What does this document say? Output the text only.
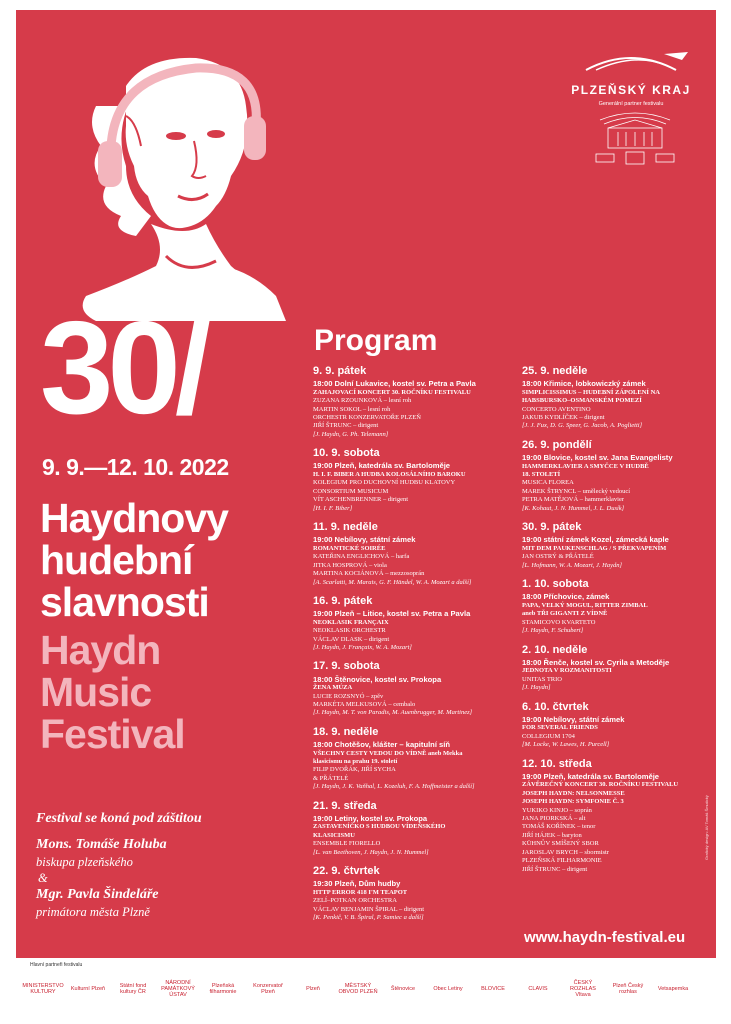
30/
9. 9.—12. 10. 2022
Haydnovy
hudební
slavnosti
Haydn
Music
Festival
Festival se koná pod záštitou
Mons. Tomáše Holuba
biskupa plzeňského
&
Mgr. Pavla Šindeláře
primátora města Plzně
Program
9. 9. pátek
18:00 Dolní Lukavice, kostel sv. Petra a Pavla
ZAHAJOVACÍ KONCERT 30. ROČNÍKU FESTIVALU
ZUZANA RZOUNKOVÁ – lesní roh
MARTIN SOKOL – lesní roh
ORCHESTR KONZERVATOŘE PLZEŇ
JIŘÍ ŠTRUNC – dirigent
[J. Haydn, G. Ph. Telemann]
10. 9. sobota
19:00 Plzeň, katedrála sv. Bartoloměje
H. I. F. BIBER A HUDBA KOLOSÁLNÍHO BAROKU
KOLEGIUM PRO DUCHOVNÍ HUDBU KLATOVY
CONSORTIUM MUSICUM
VÍT ASCHENBRENNER – dirigent
[H. I. F. Biber]
11. 9. neděle
19:00 Nebílovy, státní zámek
ROMANTICKÉ SOIRÉE
KATEŘINA ENGLICHOVÁ – harfa
JITKA HOSPROVÁ – viola
MARTINA KOCIÁNOVÁ – mezzosoprán
[A. Scarlatti, M. Marais, G. F. Händel, W. A. Mozart a další]
16. 9. pátek
19:00 Plzeň – Litice, kostel sv. Petra a Pavla
NEOKLASIK FRANÇAIX
NEOKLASIK ORCHESTR
VÁCLAV DLASK – dirigent
[J. Haydn, J. Françaix, W. A. Mozart]
17. 9. sobota
18:00 Štěnovice, kostel sv. Prokopa
ŽENA MÚZA
LUCIE ROZSNYÓ – zpěv
MARKÉTA MELKUSOVÁ – cembalo
[J. Haydn, M. T. von Paradis, M. Auenbrugger, M. Martinez]
18. 9. neděle
18:00 Chotěšov, klášter – kapitulní síň
VŠECHNY CESTY VEDOU DO VÍDNĚ aneb Mekka
klasicismu na prahu 19. století
FILIP DVOŘÁK, JIŘÍ SYCHA
& PŘÁTELÉ
[J. Haydn, J. K. Vaňhal, L. Kozeluh, F. A. Hoffmeister a další]
21. 9. středa
19:00 Letiny, kostel sv. Prokopa
ZASTAVENÍČKO S HUDBOU VÍDEŇSKÉHO
KLASICISMU
ENSEMBLE FIORELLO
[L. van Beethoven, J. Haydn, J. N. Hummel]
22. 9. čtvrtek
19:30 Plzeň, Dům hudby
HTTP ERROR 418 I'M TEAPOT
ZELÍ–POTKAN ORCHESTRA
VÁCLAV BENJAMIN ŠPIRAL – dirigent
[K. Penkič, V. B. Špiral, P. Samiec a další]
25. 9. neděle
18:00 Křimice, lobkowiczký zámek
SIMPLICISSIMUS – HUDEBNÍ ZÁPOLENÍ NA
HABSBURSKO–OSMANSKÉM POMEZÍ
CONCERTO AVENTINO
JAKUB KYDLÍČEK – dirigent
[J. J. Fux, D. G. Speer, G. Jacob, A. Poglietti]
26. 9. pondělí
19:00 Blovice, kostel sv. Jana Evangelisty
HAMMERKLAVIER A SMYČCE V HUDBĚ
18. STOLETÍ
MUSICA FLOREA
MAREK ŠTRYNCL – umělecký vedoucí
PETRA MATĚJOVÁ – hammerklavier
[K. Kohaut, J. N. Hummel, J. L. Dusík]
30. 9. pátek
19:00 státní zámek Kozel, zámecká kaple
MIT DEM PAUKENSCHLAG / S PŘEKVAPENÍM
JAN OSTRÝ & PŘÁTELÉ
[L. Hofmann, W. A. Mozart, J. Haydn]
1. 10. sobota
18:00 Příchovice, zámek
PAPA, VELKÝ MOGUL, RITTER ZIMBAL
aneb TŘI GIGANTI Z VÍDNĚ
STAMICOVO KVARTETO
[J. Haydn, F. Schubert]
2. 10. neděle
18:00 Řenče, kostel sv. Cyrila a Metoděje
JEDNOTA V ROZMANITOSTI
UNITAS TRIO
[J. Haydn]
6. 10. čtvrtek
19:00 Nebílovy, státní zámek
FOR SEVERAL FRIENDS
COLLEGIUM 1704
[M. Locke, W. Lawes, H. Purcell]
12. 10. středa
19:00 Plzeň, katedrála sv. Bartoloměje
ZÁVĚREČNÝ KONCERT 30. ROČNÍKU FESTIVALU
JOSEPH HAYDN: NELSONMESSE
JOSEPH HAYDN: SYMFONIE Č. 3
YUKIKO KINJO – soprán
JANA PIORKSKÁ – alt
TOMÁŠ KOŘÍNEK – tenor
JIŘÍ HÁJEK – baryton
KÜHNŮV SMÍŠENÝ SBOR
JAROSLAV BRYCH – sbormistr
PLZEŇSKÁ FILHARMONIE
JIŘÍ ŠTRUNC – dirigent
www.haydn-festival.eu
PLZEŇSKÝ KRAJ
Generální partner festivalu
Grafický design: AV Tomáš Šmutický
Hlavní partneři festivalu
MINISTERSTVO KULTURY
Kulturní Plzeň
Státní fond kultury ČR
NÁRODNÍ PAMÁTKOVÝ ÚSTAV
Plzeňská filharmonie
Konzervatoř Plzeň
Plzeň
MĚSTSKÝ OBVOD PLZEŇ
Štěnovice	Obec Letiny	BLOVICE	CLAVIS
ČESKÝ ROZHLAS Vltava
Plzeň Český rozhlas
Vetsapemka
